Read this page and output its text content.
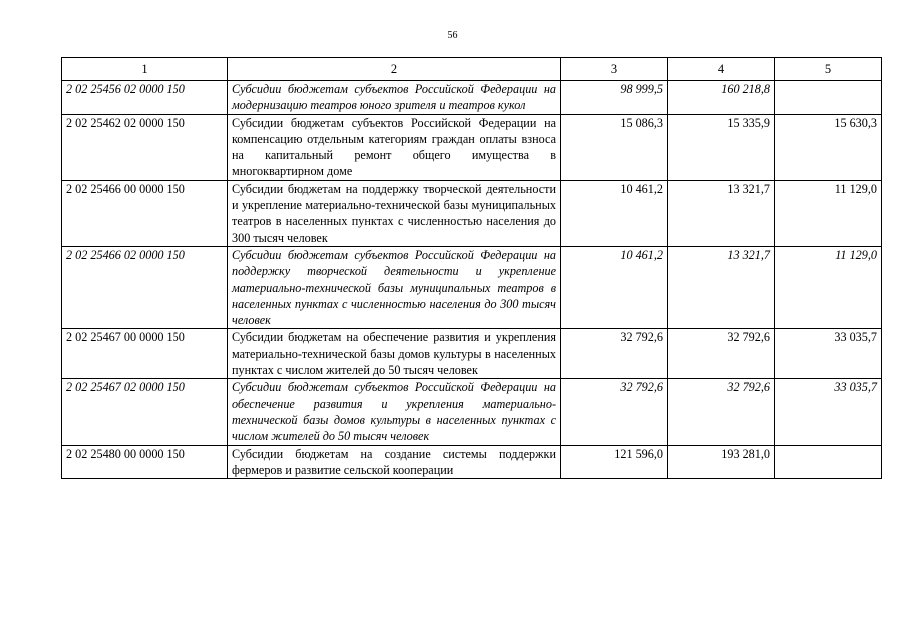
56
1	2	3	4	5
2 02 25456 02 0000 150	Субсидии бюджетам субъектов Российской Федерации на модернизацию театров юного зрителя и театров кукол	98 999,5	160 218,8	
2 02 25462 02 0000 150	Субсидии бюджетам субъектов Российской Федерации на компенсацию отдельным категориям граждан оплаты взноса на капитальный ремонт общего имущества в многоквартирном доме	15 086,3	15 335,9	15 630,3
2 02 25466 00 0000 150	Субсидии бюджетам на поддержку творческой деятельности и укрепление материально-технической базы муниципальных театров в населенных пунктах с численностью населения до 300 тысяч человек	10 461,2	13 321,7	11 129,0
2 02 25466 02 0000 150	Субсидии бюджетам субъектов Российской Федерации на поддержку творческой деятельности и укрепление материально-технической базы муниципальных театров в населенных пунктах с численностью населения до 300 тысяч человек	10 461,2	13 321,7	11 129,0
2 02 25467 00 0000 150	Субсидии бюджетам на обеспечение развития и укрепления материально-технической базы домов культуры в населенных пунктах с числом жителей до 50 тысяч человек	32 792,6	32 792,6	33 035,7
2 02 25467 02 0000 150	Субсидии бюджетам субъектов Российской Федерации на обеспечение развития и укрепления материально-технической базы домов культуры в населенных пунктах с числом жителей до 50 тысяч человек	32 792,6	32 792,6	33 035,7
2 02 25480 00 0000 150	Субсидии бюджетам на создание системы поддержки фермеров и развитие сельской кооперации	121 596,0	193 281,0	
